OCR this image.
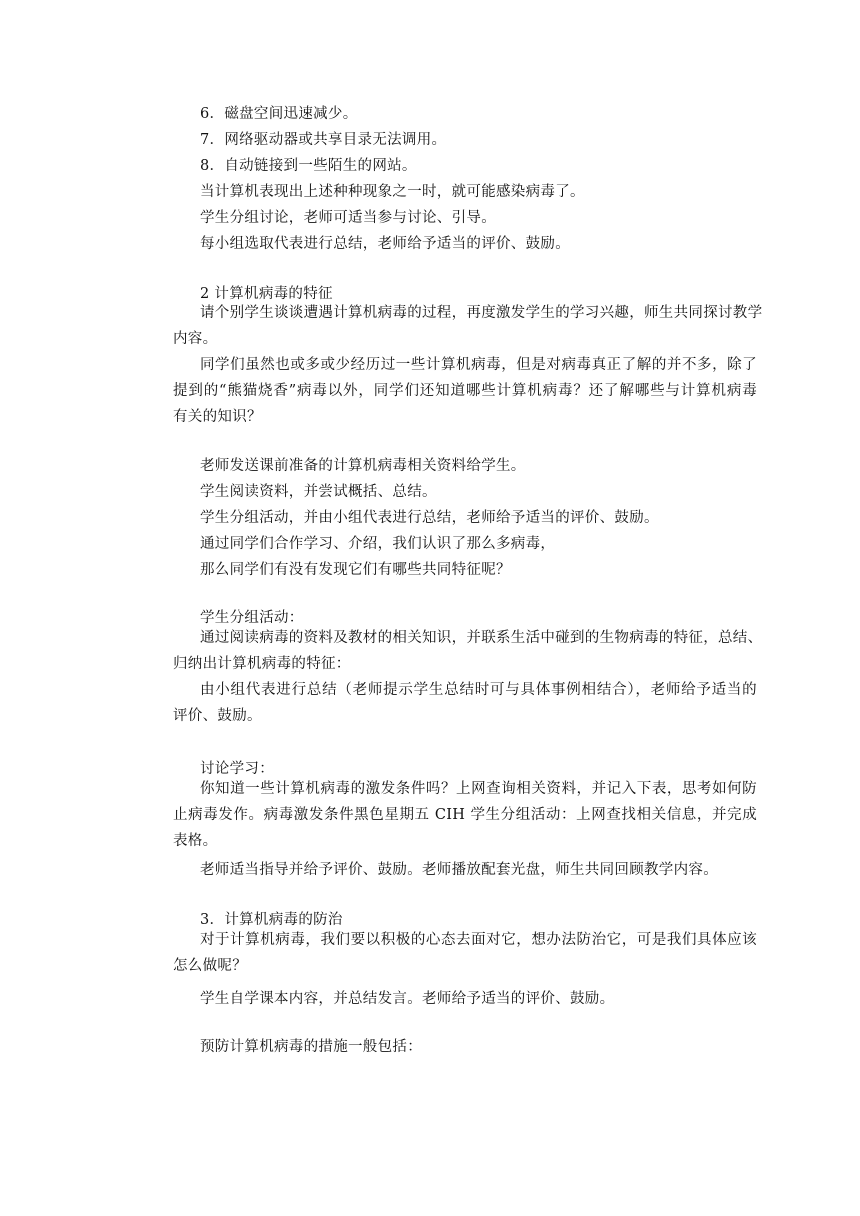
6．磁盘空间迅速减少。
7．网络驱动器或共享目录无法调用。
8．自动链接到一些陌生的网站。
当计算机表现出上述种种现象之一时，就可能感染病毒了。
学生分组讨论，老师可适当参与讨论、引导。
每小组选取代表进行总结，老师给予适当的评价、鼓励。
2 计算机病毒的特征
请个别学生谈谈遭遇计算机病毒的过程，再度激发学生的学习兴趣，师生共同探讨教学
内容。
同学们虽然也或多或少经历过一些计算机病毒，但是对病毒真正了解的并不多，除了
提到的“熊猫烧香”病毒以外，同学们还知道哪些计算机病毒？还了解哪些与计算机病毒
有关的知识？
老师发送课前准备的计算机病毒相关资料给学生。
学生阅读资料，并尝试概括、总结。
学生分组活动，并由小组代表进行总结，老师给予适当的评价、鼓励。
通过同学们合作学习、介绍，我们认识了那么多病毒，
那么同学们有没有发现它们有哪些共同特征呢？
学生分组活动：
通过阅读病毒的资料及教材的相关知识，并联系生活中碰到的生物病毒的特征，总结、
归纳出计算机病毒的特征：
由小组代表进行总结（老师提示学生总结时可与具体事例相结合），老师给予适当的
评价、鼓励。
讨论学习：
你知道一些计算机病毒的激发条件吗？上网查询相关资料，并记入下表，思考如何防
止病毒发作。病毒激发条件黑色星期五 CIH 学生分组活动：上网查找相关信息，并完成
表格。
老师适当指导并给予评价、鼓励。老师播放配套光盘，师生共同回顾教学内容。
3．计算机病毒的防治
对于计算机病毒，我们要以积极的心态去面对它，想办法防治它，可是我们具体应该
怎么做呢？
学生自学课本内容，并总结发言。老师给予适当的评价、鼓励。
预防计算机病毒的措施一般包括：
